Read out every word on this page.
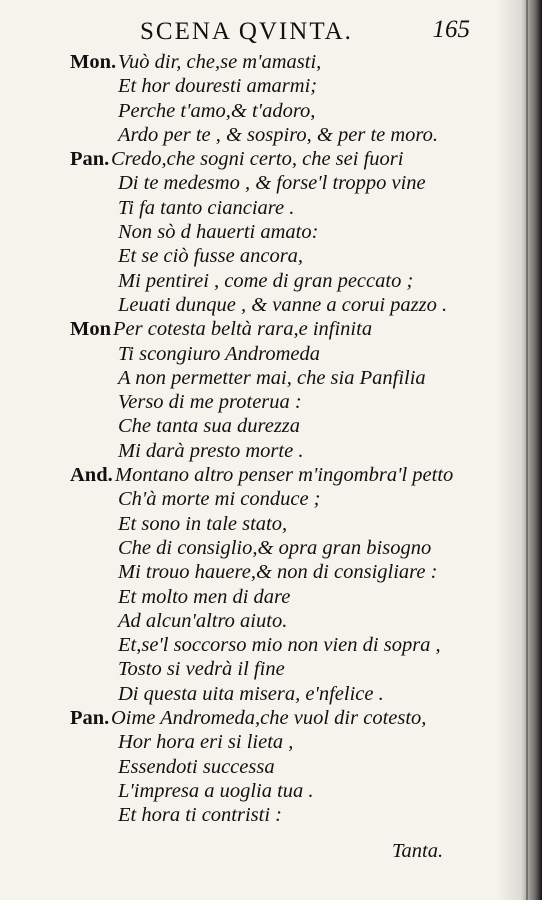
SCENA QVINTA.	165
Mon. Vuò dir, che,se m'amasti,
Et hor douresti amarmi;
Perche t'amo,& t'adoro,
Ardo per te , & sospiro, & per te moro.
Pan. Credo,che sogni certo, che sei fuori
Di te medesmo , & forse'l troppo vine
Ti fa tanto cianciare .
Non sò d hauerti amato:
Et se ciò fusse ancora,
Mi pentirei , come di gran peccato ;
Leuati dunque , & vanne a corui pazzo .
Mon Per cotesta beltà rara,e infinita
Ti scongiuro Andromeda
A non permetter mai, che sia Panfilia
Verso di me proterua :
Che tanta sua durezza
Mi darà presto morte .
And. Montano altro penser m'ingombra'l petto
Ch'à morte mi conduce ;
Et sono in tale stato,
Che di consiglio,& opra gran bisogno
Mi trouo hauere,& non di consigliare :
Et molto men di dare
Ad alcun'altro aiuto.
Et,se'l soccorso mio non vien di sopra ,
Tosto si vedrà il fine
Di questa uita misera, e'nfelice .
Pan. Oime Andromeda,che vuol dir cotesto,
Hor hora eri si lieta ,
Essendoti successa
L'impresa a uoglia tua .
Et hora ti contristi :
Tanta.
